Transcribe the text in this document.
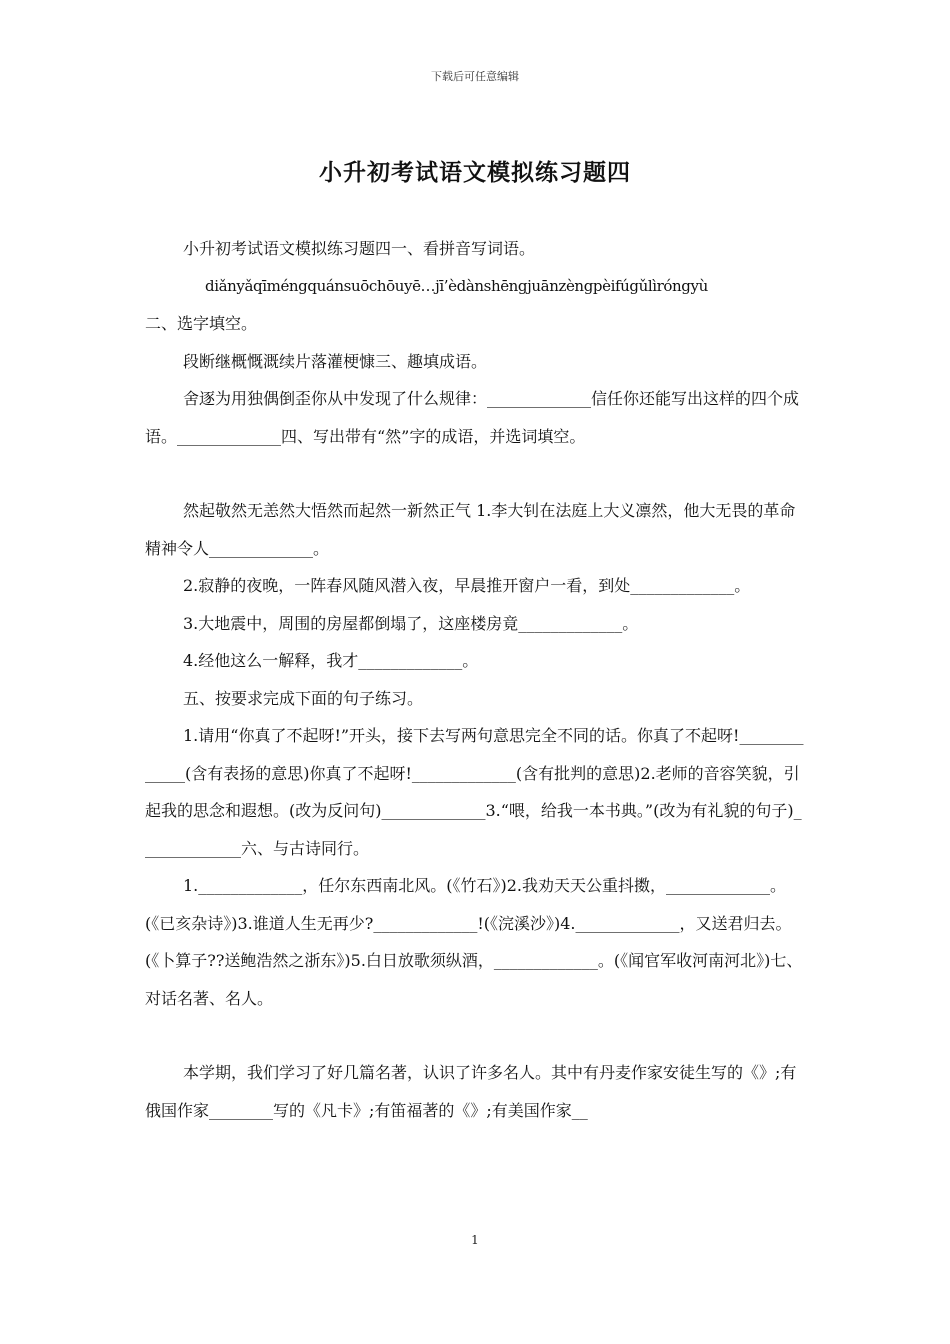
下载后可任意编辑
小升初考试语文模拟练习题四

小升初考试语文模拟练习题四一、看拼音写词语。

diǎnyǎqīméngquánsuōchōuyē…jī’èdànshēngjuānzèngpèifúgǔlìróngyù

二、选字填空。

段断继概慨溉续片落灌梗慷三、趣填成语。

舍逐为用独偶倒歪你从中发现了什么规律：_____________信任你还能写出这样的四个成语。_____________四、写出带有“然”字的成语，并选词填空。

然起敬然无恙然大悟然而起然一新然正气 1.李大钊在法庭上大义凛然，他大无畏的革命精神令人_____________。

2.寂静的夜晚，一阵春风随风潜入夜，早晨推开窗户一看，到处_____________。

3.大地震中，周围的房屋都倒塌了，这座楼房竟_____________。

4.经他这么一解释，我才_____________。

五、按要求完成下面的句子练习。

1.请用“你真了不起呀!”开头，接下去写两句意思完全不同的话。你真了不起呀!_____________(含有表扬的意思)你真了不起呀!_____________(含有批判的意思)2.老师的音容笑貌，引起我的思念和遐想。(改为反问句)_____________3.“喂，给我一本书典。”(改为有礼貌的句子)_____________六、与古诗同行。

1._____________，任尔东西南北风。(《竹石》)2.我劝天天公重抖擞，_____________。(《已亥杂诗》)3.谁道人生无再少?_____________!(《浣溪沙》)4._____________，又送君归去。(《卜算子??送鲍浩然之浙东》)5.白日放歌须纵酒，_____________。(《闻官军收河南河北》)七、对话名著、名人。

本学期，我们学习了好几篇名著，认识了许多名人。其中有丹麦作家安徒生写的《》;有俄国作家________写的《凡卡》;有笛福著的《》;有美国作家__

1
